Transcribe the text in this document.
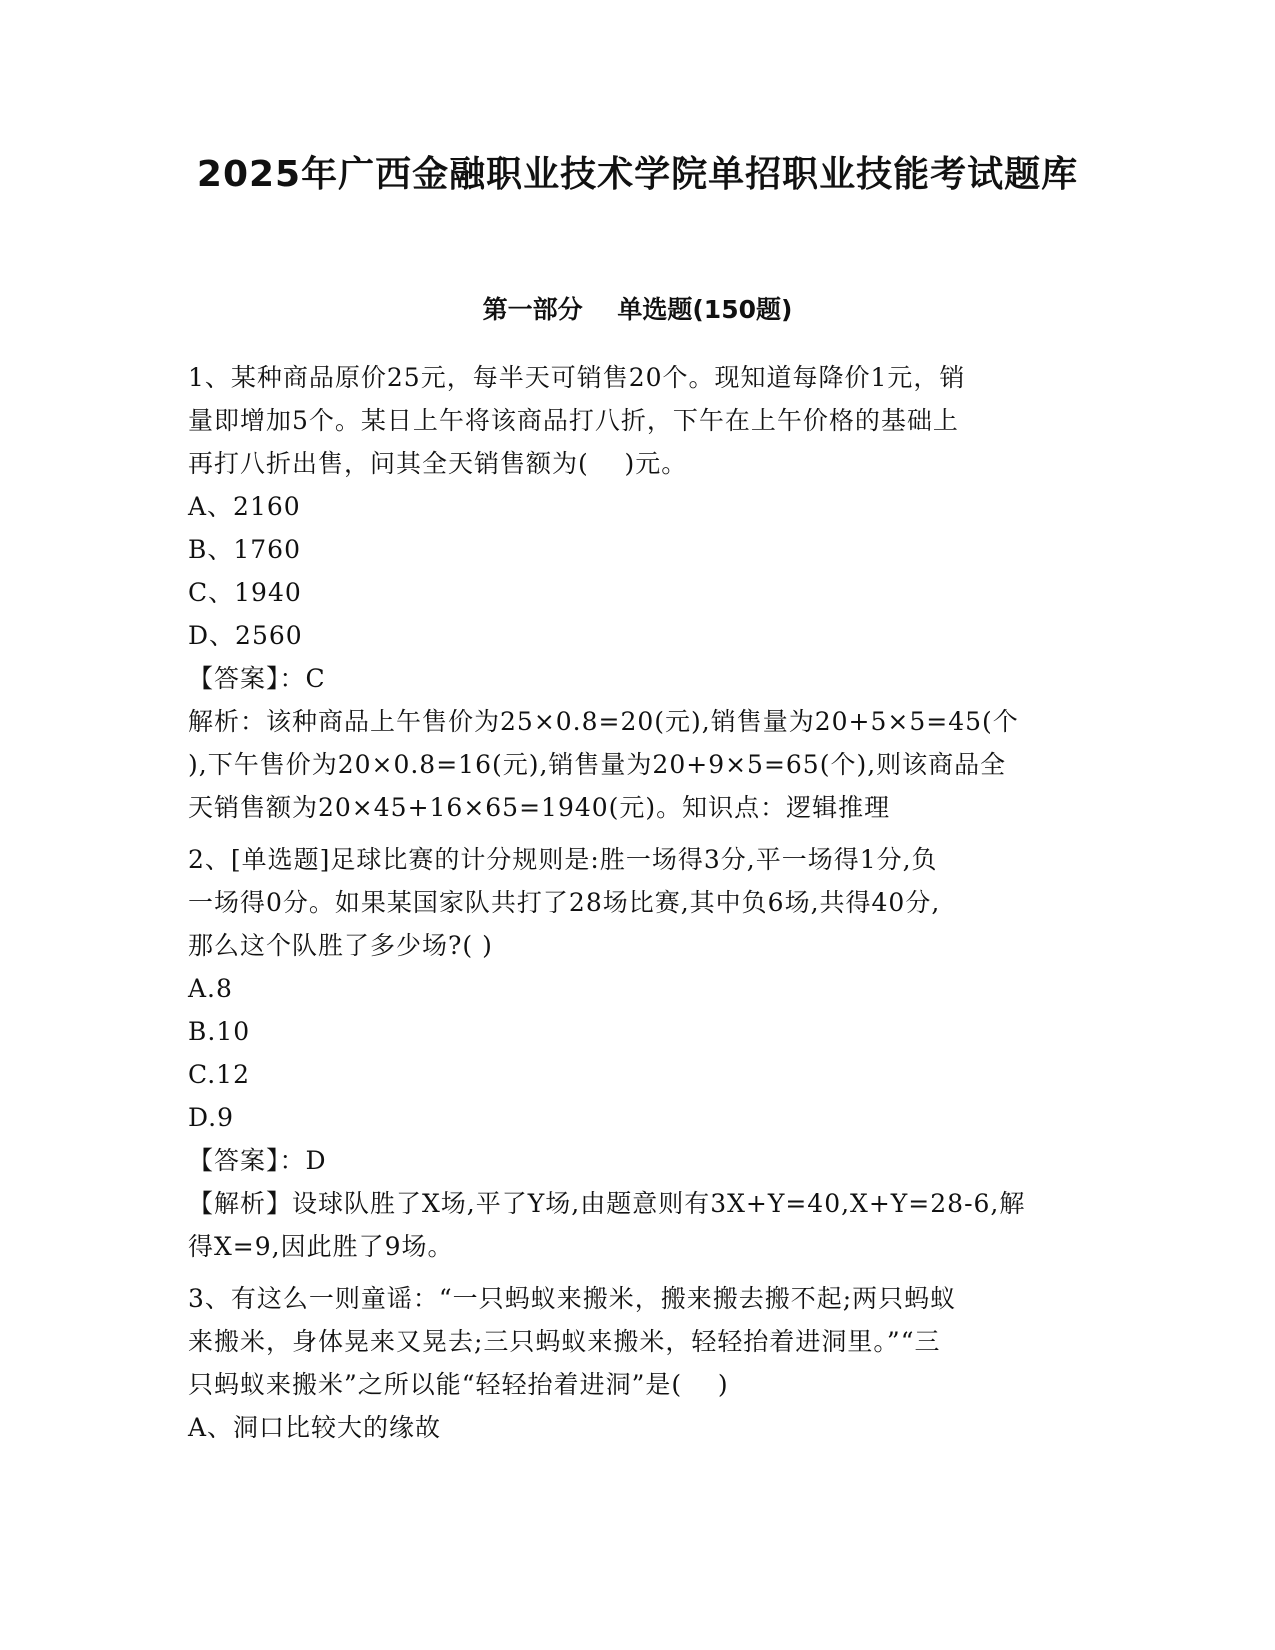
2025年广西金融职业技术学院单招职业技能考试题库
第一部分    单选题(150题)
1、某种商品原价25元，每半天可销售20个。现知道每降价1元，销
量即增加5个。某日上午将该商品打八折，下午在上午价格的基础上
再打八折出售，问其全天销售额为(    )元。
A、2160
B、1760
C、1940
D、2560
【答案】：C
解析：该种商品上午售价为25×0.8=20(元),销售量为20+5×5=45(个
),下午售价为20×0.8=16(元),销售量为20+9×5=65(个),则该商品全
天销售额为20×45+16×65=1940(元)。知识点：逻辑推理
2、[单选题]足球比赛的计分规则是:胜一场得3分,平一场得1分,负
一场得0分。如果某国家队共打了28场比赛,其中负6场,共得40分,
那么这个队胜了多少场?( )
A.8
B.10
C.12
D.9
【答案】：D
【解析】设球队胜了X场,平了Y场,由题意则有3X+Y=40,X+Y=28-6,解
得X=9,因此胜了9场。
3、有这么一则童谣：“一只蚂蚁来搬米，搬来搬去搬不起;两只蚂蚁
来搬米，身体晃来又晃去;三只蚂蚁来搬米，轻轻抬着进洞里。”“三
只蚂蚁来搬米”之所以能“轻轻抬着进洞”是(    )
A、洞口比较大的缘故
